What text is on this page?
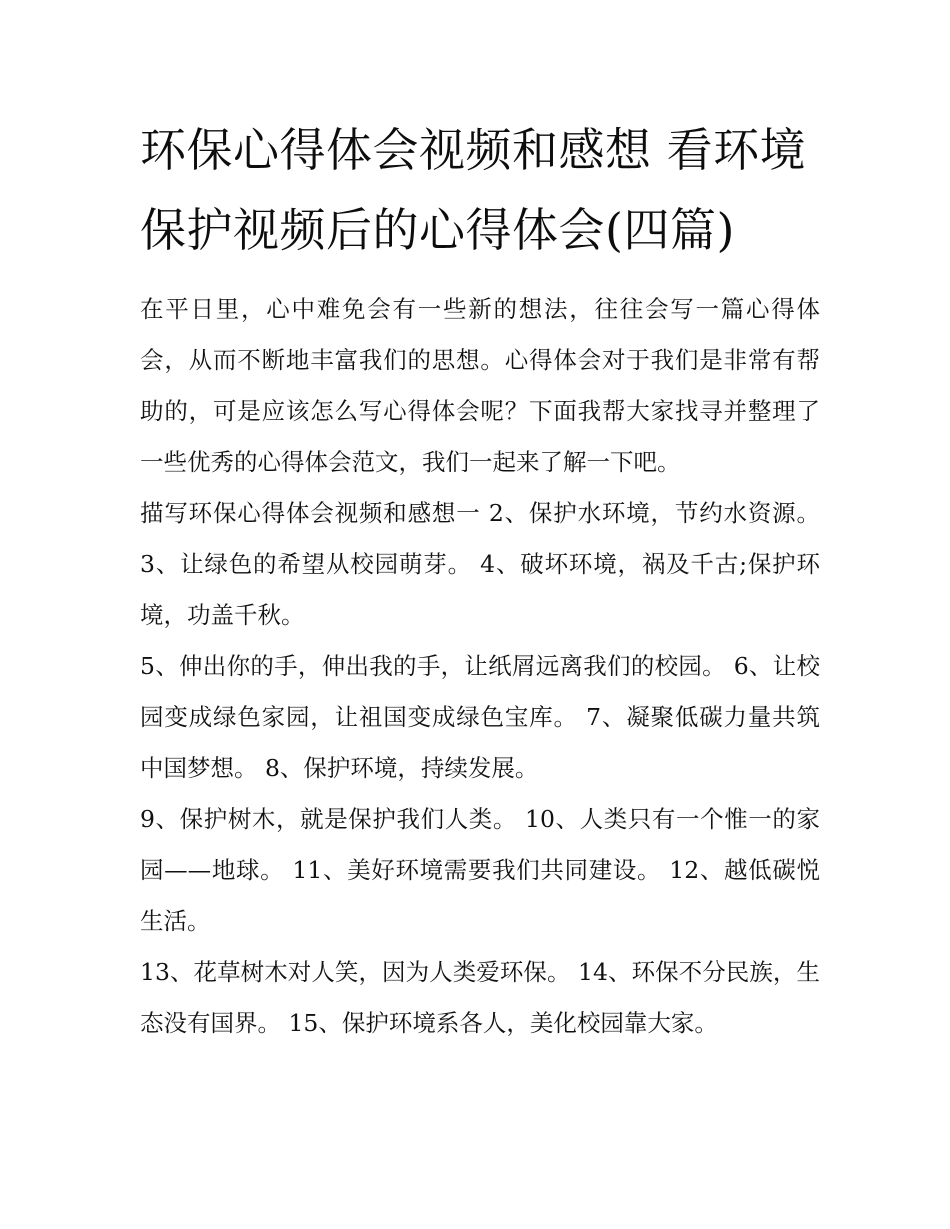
环保心得体会视频和感想 看环境保护视频后的心得体会(四篇)

在平日里，心中难免会有一些新的想法，往往会写一篇心得体会，从而不断地丰富我们的思想。心得体会对于我们是非常有帮助的，可是应该怎么写心得体会呢？下面我帮大家找寻并整理了一些优秀的心得体会范文，我们一起来了解一下吧。

描写环保心得体会视频和感想一 2、保护水环境，节约水资源。 3、让绿色的希望从校园萌芽。 4、破坏环境，祸及千古;保护环境，功盖千秋。

5、伸出你的手，伸出我的手，让纸屑远离我们的校园。 6、让校园变成绿色家园，让祖国变成绿色宝库。 7、凝聚低碳力量共筑中国梦想。 8、保护环境，持续发展。

9、保护树木，就是保护我们人类。 10、人类只有一个惟一的家园——地球。 11、美好环境需要我们共同建设。 12、越低碳悦生活。

13、花草树木对人笑，因为人类爱环保。 14、环保不分民族，生态没有国界。 15、保护环境系各人，美化校园靠大家。
